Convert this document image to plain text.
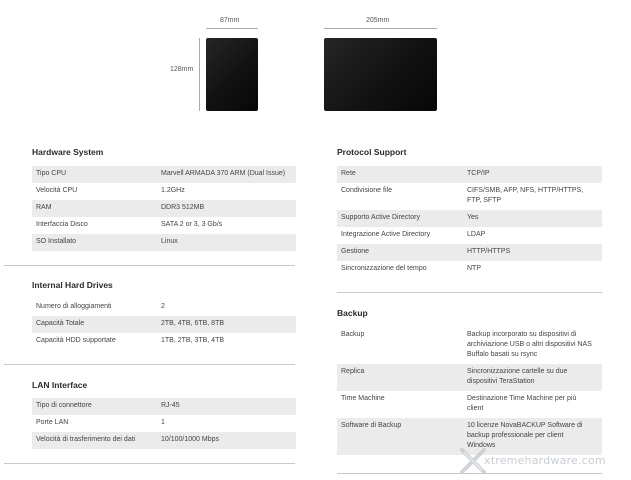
87mm
128mm
205mm
Hardware System
Tipo CPU	Marvell ARMADA 370 ARM (Dual Issue)
Velocità CPU	1.2GHz
RAM	DDR3 512MB
Interfaccia Disco	SATA 2 or 3, 3 Gb/s
SO Installato	Linux
Internal Hard Drives
Numero di alloggiamenti	2
Capacità Totale	2TB, 4TB, 6TB, 8TB
Capacità HDD supportate	1TB, 2TB, 3TB, 4TB
LAN Interface
Tipo di connettore	RJ-45
Porte LAN	1
Velocità di trasferimento dei dati	10/100/1000 Mbps
Protocol Support
Rete	TCP/IP
Condivisione file	CIFS/SMB, AFP, NFS, HTTP/HTTPS,
FTP, SFTP
Supporto Active Directory	Yes
Integrazione Active Directory	LDAP
Gestione	HTTP/HTTPS
Sincronizzazione del tempo	NTP
Backup
Backup	Backup incorporato su dispositivi di
archiviazione USB o altri dispositivi NAS
Buffalo basati su rsync
Replica	Sincronizzazione cartelle su due
dispositivi TeraStation
Time Machine	Destinazione Time Machine per più
client
Software di Backup	10 licenze NovaBACKUP Software di
backup professionale per client
Windows
xtremehardware.com
